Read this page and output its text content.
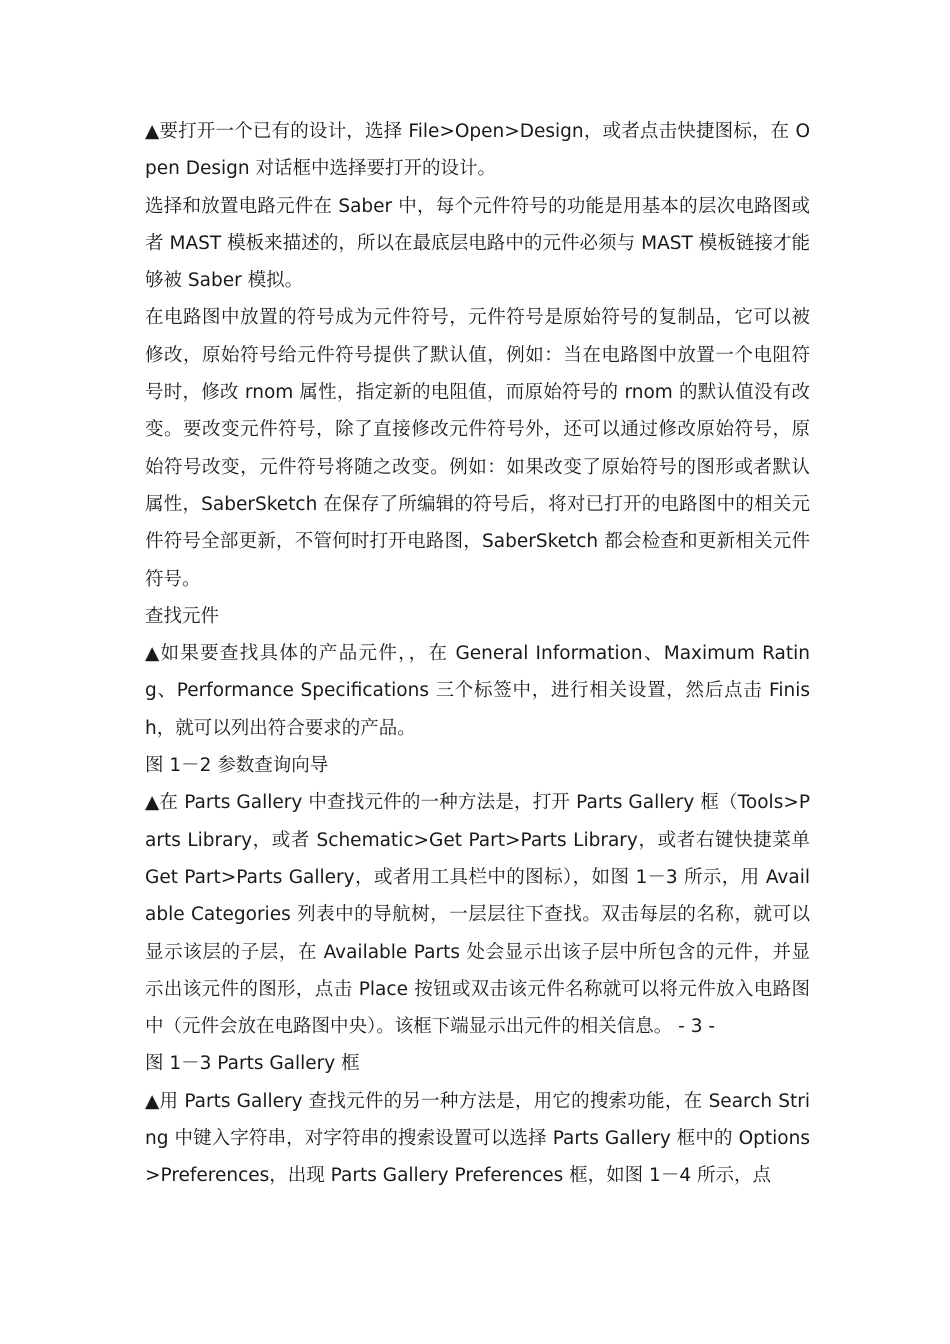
▲要打开一个已有的设计，选择 File>Open>Design，或者点击快捷图标，在 Open Design 对话框中选择要打开的设计。

选择和放置电路元件在 Saber 中，每个元件符号的功能是用基本的层次电路图或者 MAST 模板来描述的，所以在最底层电路中的元件必须与 MAST 模板链接才能够被 Saber 模拟。

在电路图中放置的符号成为元件符号，元件符号是原始符号的复制品，它可以被修改，原始符号给元件符号提供了默认值，例如：当在电路图中放置一个电阻符号时，修改 rnom 属性，指定新的电阻值，而原始符号的 rnom 的默认值没有改变。要改变元件符号，除了直接修改元件符号外，还可以通过修改原始符号，原始符号改变，元件符号将随之改变。例如：如果改变了原始符号的图形或者默认属性，SaberSketch 在保存了所编辑的符号后，将对已打开的电路图中的相关元件符号全部更新，不管何时打开电路图，SaberSketch 都会检查和更新相关元件符号。

查找元件

▲如果要查找具体的产品元件，，在 General Information、Maximum Rating、Performance Specifications 三个标签中，进行相关设置，然后点击 Finish，就可以列出符合要求的产品。

图 1－2 参数查询向导

▲在 Parts Gallery 中查找元件的一种方法是，打开 Parts Gallery 框（Tools>Parts Library，或者 Schematic>Get Part>Parts Library，或者右键快捷菜单 Get Part>Parts Gallery，或者用工具栏中的图标），如图 1－3 所示，用 Available Categories 列表中的导航树，一层层往下查找。双击每层的名称，就可以显示该层的子层，在 Available Parts 处会显示出该子层中所包含的元件，并显示出该元件的图形，点击 Place 按钮或双击该元件名称就可以将元件放入电路图中（元件会放在电路图中央）。该框下端显示出元件的相关信息。 - 3 -

图 1－3 Parts Gallery 框

▲用 Parts Gallery 查找元件的另一种方法是，用它的搜索功能，在 Search String 中键入字符串，对字符串的搜索设置可以选择 Parts Gallery 框中的 Options>Preferences，出现 Parts Gallery Preferences 框，如图 1－4 所示，点
